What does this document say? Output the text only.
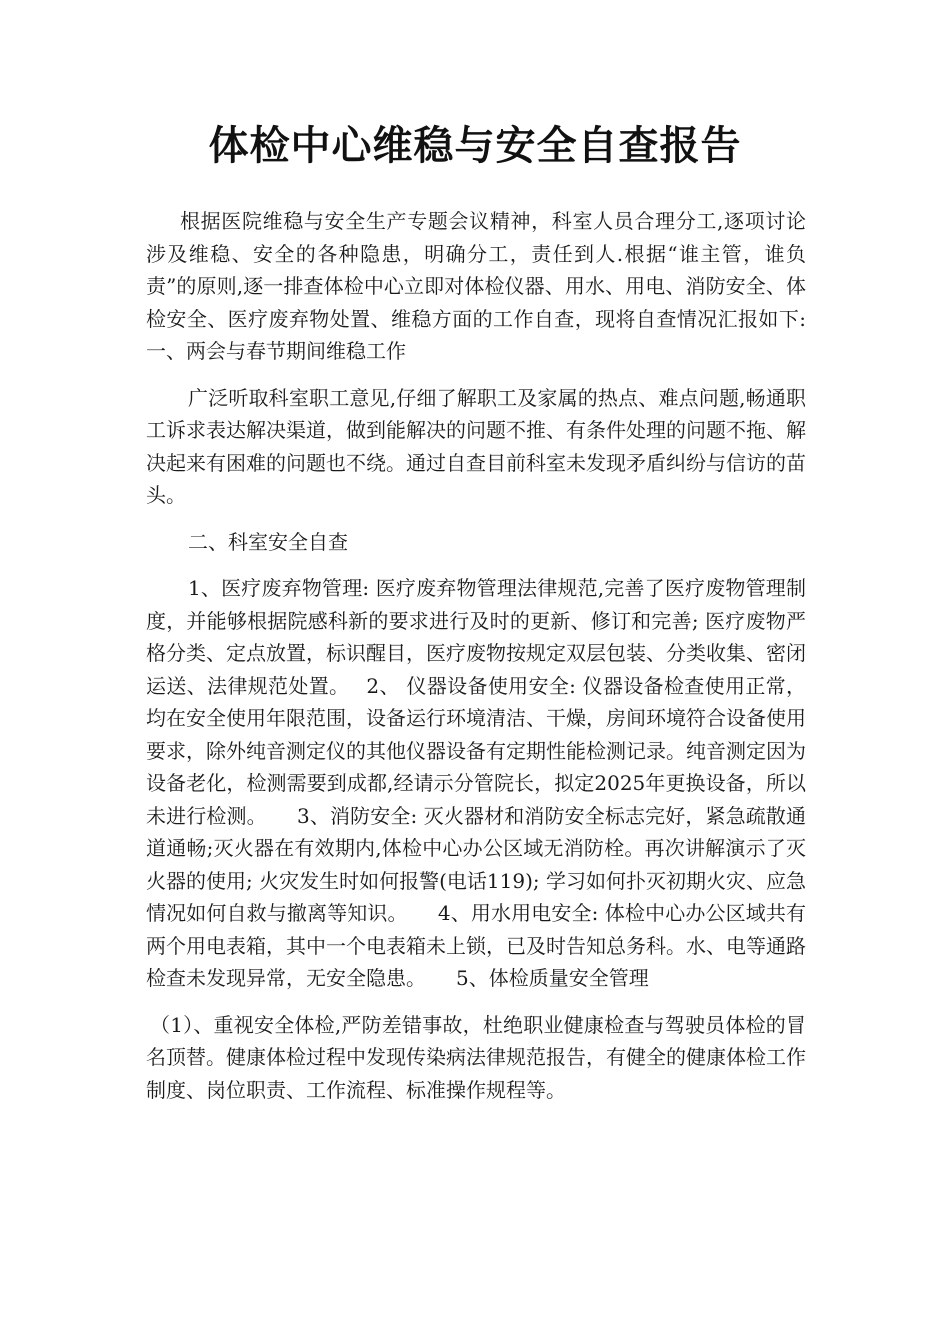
体检中心维稳与安全自查报告

根据医院维稳与安全生产专题会议精神，科室人员合理分工,逐项讨论涉及维稳、安全的各种隐患，明确分工，责任到人.根据“谁主管，谁负责”的原则,逐一排查体检中心立即对体检仪器、用水、用电、消防安全、体检安全、医疗废弃物处置、维稳方面的工作自查，现将自查情况汇报如下:　 一、两会与春节期间维稳工作

广泛听取科室职工意见,仔细了解职工及家属的热点、难点问题,畅通职工诉求表达解决渠道，做到能解决的问题不推、有条件处理的问题不拖、解决起来有困难的问题也不绕。通过自查目前科室未发现矛盾纠纷与信访的苗头。

二、科室安全自查

1、医疗废弃物管理: 医疗废弃物管理法律规范,完善了医疗废物管理制度，并能够根据院感科新的要求进行及时的更新、修订和完善; 医疗废物严格分类、定点放置，标识醒目，医疗废物按规定双层包装、分类收集、密闭运送、法律规范处置。　 2、 仪器设备使用安全: 仪器设备检查使用正常，均在安全使用年限范围，设备运行环境清洁、干燥，房间环境符合设备使用要求，除外纯音测定仪的其他仪器设备有定期性能检测记录。纯音测定因为设备老化，检测需要到成都,经请示分管院长，拟定2025年更换设备，所以未进行检测。　　3、消防安全: 灭火器材和消防安全标志完好，紧急疏散通道通畅;灭火器在有效期内,体检中心办公区域无消防栓。再次讲解演示了灭火器的使用; 火灾发生时如何报警(电话119); 学习如何扑灭初期火灾、应急情况如何自救与撤离等知识。　　4、用水用电安全: 体检中心办公区域共有两个用电表箱，其中一个电表箱未上锁，已及时告知总务科。水、电等通路检查未发现异常，无安全隐患。　　5、体检质量安全管理

（1）、重视安全体检,严防差错事故，杜绝职业健康检查与驾驶员体检的冒名顶替。健康体检过程中发现传染病法律规范报告，有健全的健康体检工作制度、岗位职责、工作流程、标准操作规程等。
